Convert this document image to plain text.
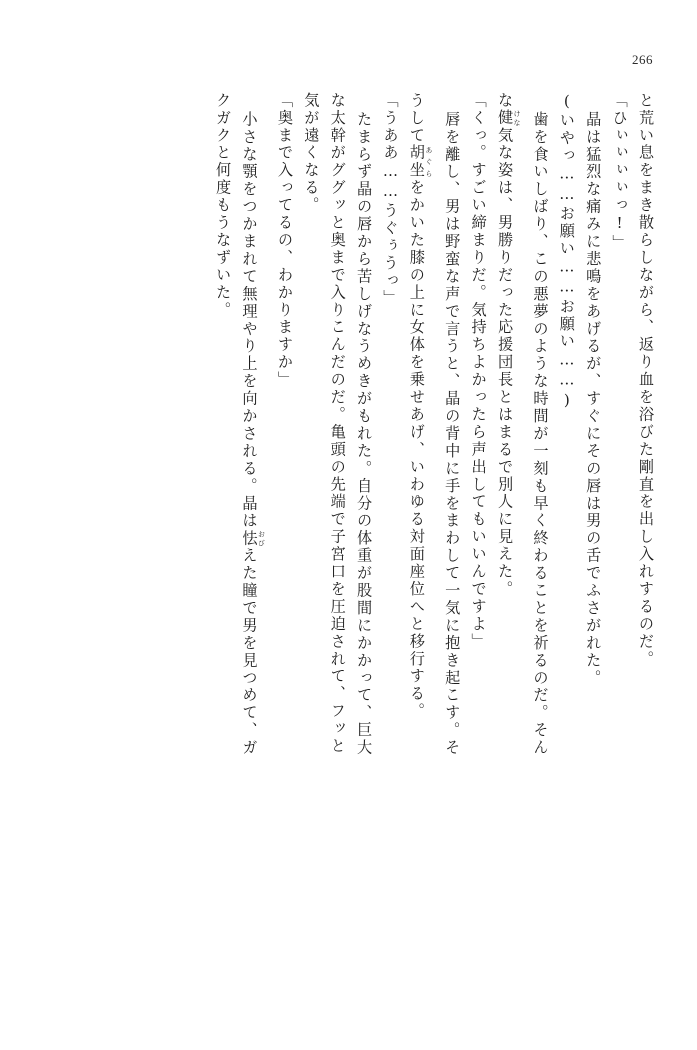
266
と荒い息をまき散らしながら、返り血を浴びた剛直を出し入れするのだ。
「ひぃぃぃぃっ!」
晶は猛烈な痛みに悲鳴をあげるが、すぐにその唇は男の舌でふさがれた。
(いやっ……お願い……お願い……)
歯を食いしばり、この悪夢のような時間が一刻も早く終わることを祈るのだ。そん
な健 けな気な姿は、男勝りだった応援団長とはまるで別人に見えた。
「くっ。すごい締まりだ。気持ちよかったら声出してもいいんですよ」
唇を離し、男は野蛮な声で言うと、晶の背中に手をまわして一気に抱き起こす。そ
うして胡坐 あぐらをかいた膝の上に女体を乗せあげ、いわゆる対面座位へと移行する。
「うああ……うぐぅうっ」
たまらず晶の唇から苦しげなうめきがもれた。自分の体重が股間にかかって、巨大
な太幹がググッと奥まで入りこんだのだ。亀頭の先端で子宮口を圧迫されて、フッと
気が遠くなる。
「奥まで入ってるの、わかりますか」
小さな顎をつかまれて無理やり上を向かされる。晶は怯 おびえた瞳で男を見つめて、ガ
クガクと何度もうなずいた。
